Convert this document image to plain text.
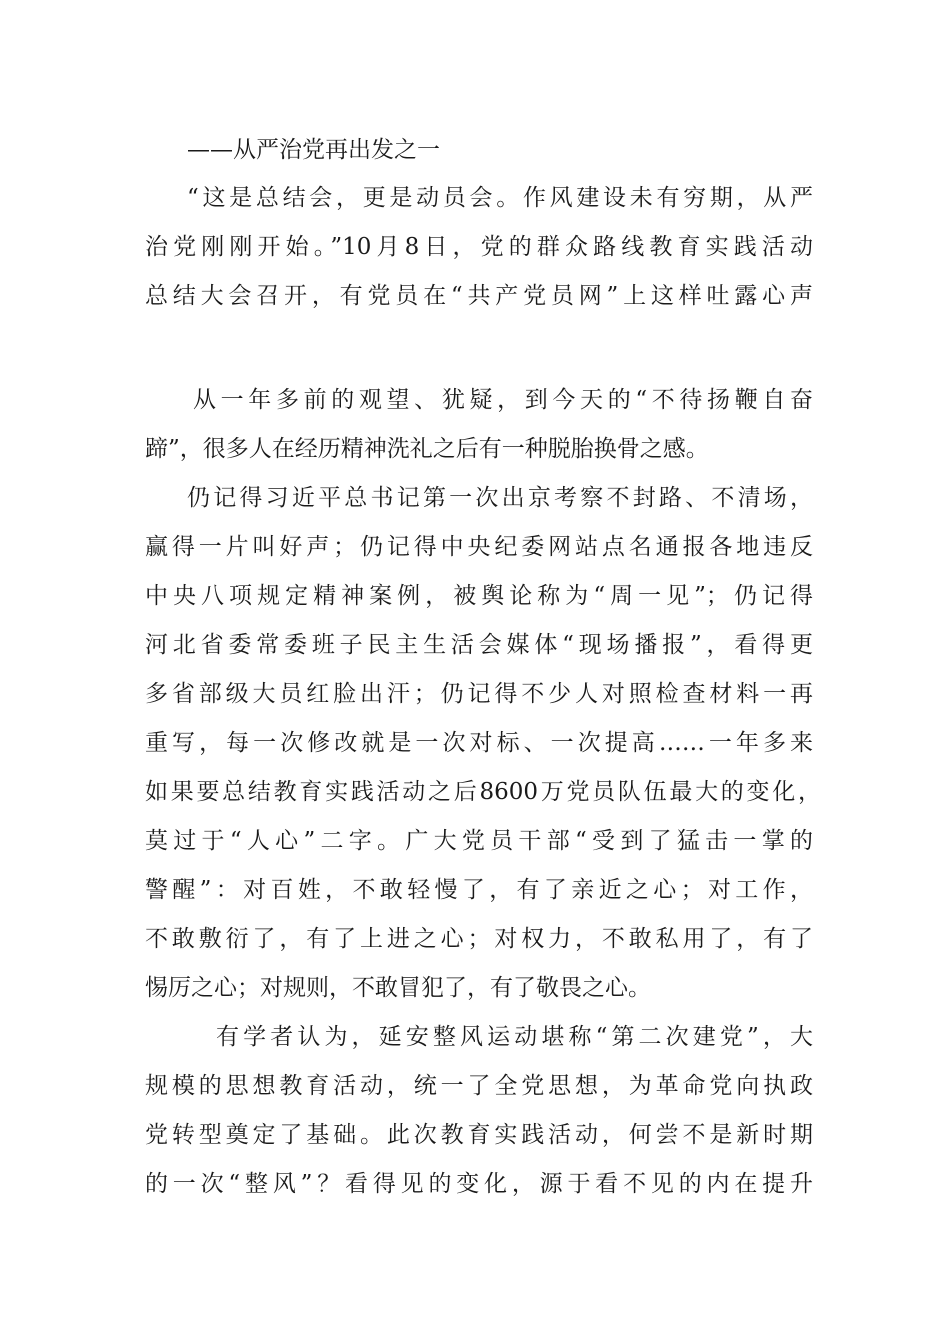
——从严治党再出发之一
“这是总结会，更是动员会。作风建设未有穷期，从严
治党刚刚开始。”10月8日，党的群众路线教育实践活动
总结大会召开，有党员在“共产党员网”上这样吐露心声
从一年多前的观望、犹疑，到今天的“不待扬鞭自奋
蹄”，很多人在经历精神洗礼之后有一种脱胎换骨之感。
仍记得习近平总书记第一次出京考察不封路、不清场，
赢得一片叫好声；仍记得中央纪委网站点名通报各地违反
中央八项规定精神案例，被舆论称为“周一见”；仍记得
河北省委常委班子民主生活会媒体“现场播报”，看得更
多省部级大员红脸出汗；仍记得不少人对照检查材料一再
重写，每一次修改就是一次对标、一次提高……一年多来
如果要总结教育实践活动之后8600万党员队伍最大的变化，
莫过于“人心”二字。广大党员干部“受到了猛击一掌的
警醒”：对百姓，不敢轻慢了，有了亲近之心；对工作，
不敢敷衍了，有了上进之心；对权力，不敢私用了，有了
惕厉之心；对规则，不敢冒犯了，有了敬畏之心。
有学者认为，延安整风运动堪称“第二次建党”，大
规模的思想教育活动，统一了全党思想，为革命党向执政
党转型奠定了基础。此次教育实践活动，何尝不是新时期
的一次“整风”？看得见的变化，源于看不见的内在提升
